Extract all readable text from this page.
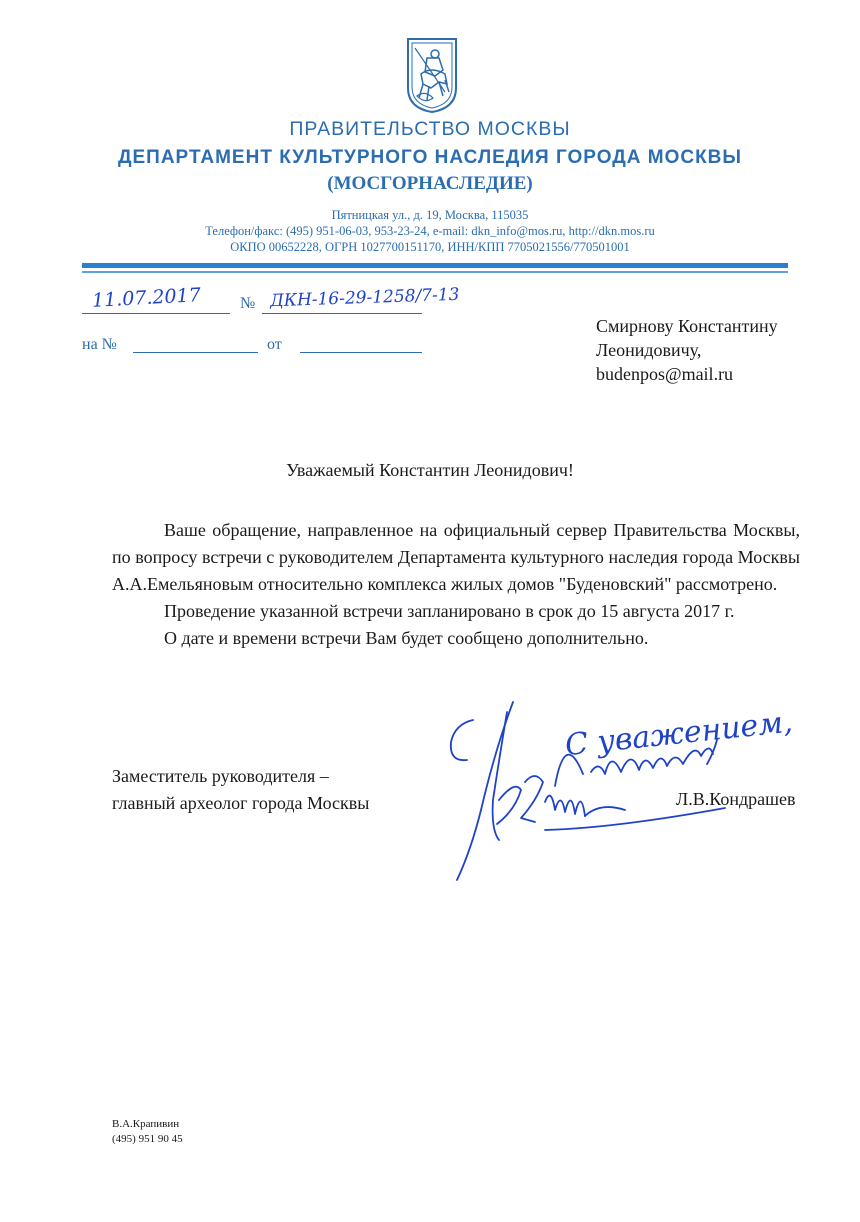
ПРАВИТЕЛЬСТВО МОСКВЫ
ДЕПАРТАМЕНТ КУЛЬТУРНОГО НАСЛЕДИЯ ГОРОДА МОСКВЫ
(МОСГОРНАСЛЕДИЕ)
Пятницкая ул., д. 19, Москва, 115035
Телефон/факс: (495) 951-06-03, 953-23-24, e-mail: dkn_info@mos.ru, http://dkn.mos.ru
ОКПО 00652228, ОГРН 1027700151170, ИНН/КПП 7705021556/770501001
11.07.2017 № ДКН-16-29-1258/7-13
на №	от
Смирнову Константину
Леонидовичу,
budenpos@mail.ru
Уважаемый Константин Леонидович!

Ваше обращение, направленное на официальный сервер Правительства Москвы, по вопросу встречи с руководителем Департамента культурного наследия города Москвы А.А.Емельяновым относительно комплекса жилых домов "Буденовский" рассмотрено.

Проведение указанной встречи запланировано в срок до 15 августа 2017 г.

О дате и времени встречи Вам будет сообщено дополнительно.

Заместитель руководителя –
главный археолог города Москвы
С уважением,
Л.В.Кондрашев
В.А.Крапивин
(495) 951 90 45
